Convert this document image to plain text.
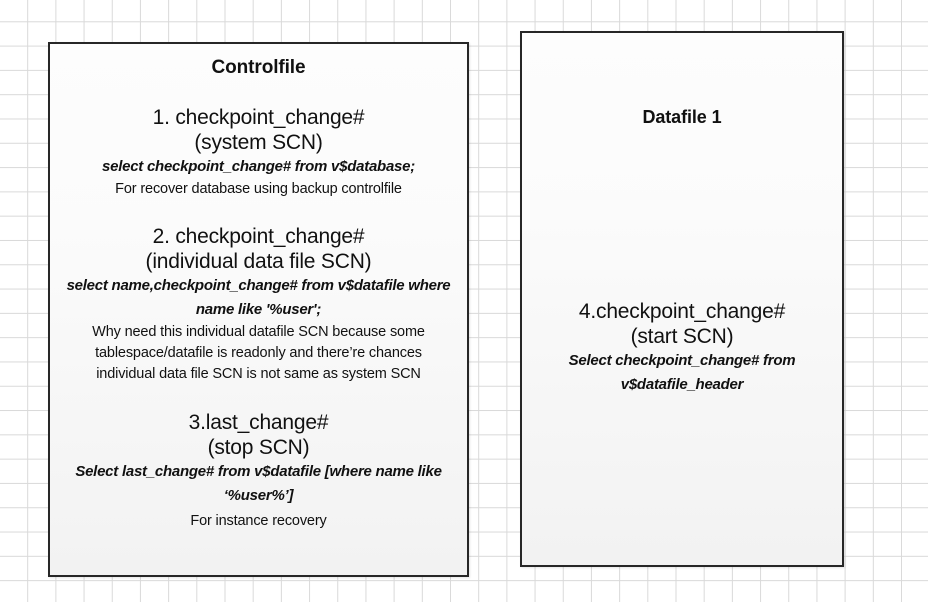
Controlfile
1. checkpoint_change#
(system SCN)
select checkpoint_change# from v$database;
For recover database using backup controlfile
2. checkpoint_change#
(individual data file SCN)
select name,checkpoint_change# from v$datafile where
name like '%user';
Why need this individual datafile SCN because some
tablespace/datafile is readonly and there’re chances
individual data file SCN is not same as system SCN
3.last_change#
(stop SCN)
Select last_change# from v$datafile [where name like
‘%user%’]
For instance recovery
Datafile 1
4.checkpoint_change#
(start SCN)
Select checkpoint_change# from
v$datafile_header
